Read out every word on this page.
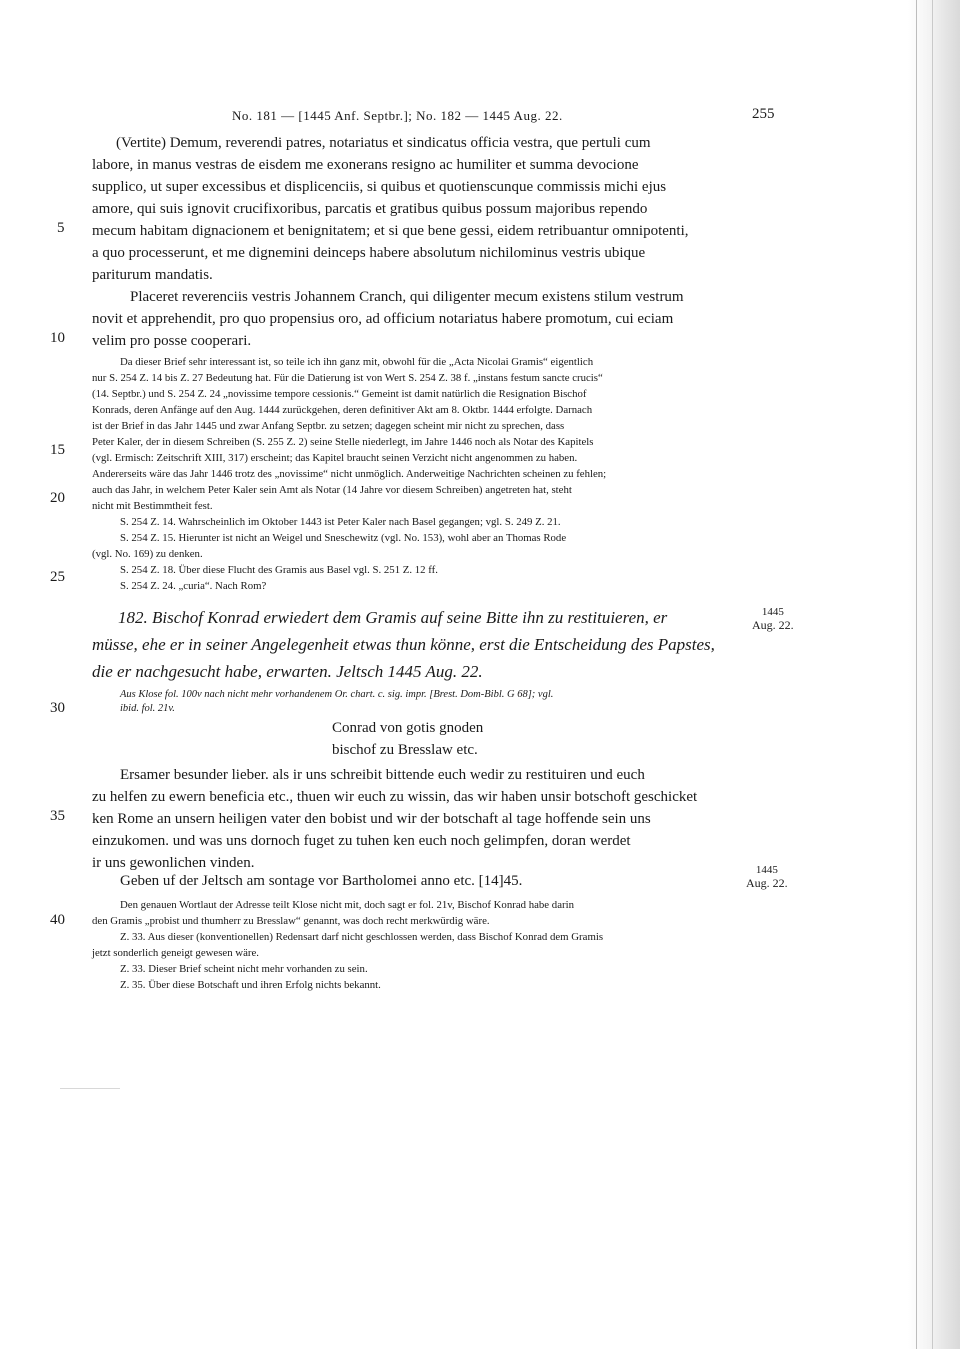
No. 181 — [1445 Anf. Septbr.]; No. 182 — 1445 Aug. 22.	255
(Vertite) Demum, reverendi patres, notariatus et sindicatus officia vestra, que pertuli cum
labore, in manus vestras de eisdem me exonerans resigno ac humiliter et summa devocione
supplico, ut super excessibus et displicenciis, si quibus et quotienscunque commissis michi ejus
amore, qui suis ignovit crucifixoribus, parcatis et gratibus quibus possum majoribus rependo
mecum habitam dignacionem et benignitatem; et si que bene gessi, eidem retribuantur omnipotenti,
a quo processerunt, et me dignemini deinceps habere absolutum nichilominus vestris ubique
pariturum mandatis.
Placeret reverenciis vestris Johannem Cranch, qui diligenter mecum existens stilum vestrum
novit et apprehendit, pro quo propensius oro, ad officium notariatus habere promotum, cui eciam
velim pro posse cooperari.
Da dieser Brief sehr interessant ist, so teile ich ihn ganz mit, obwohl für die „Acta Nicolai Gramis“ eigentlich
nur S. 254 Z. 14 bis Z. 27 Bedeutung hat. Für die Datierung ist von Wert S. 254 Z. 38 f. „instans festum sancte crucis“
(14. Septbr.) und S. 254 Z. 24 „novissime tempore cessionis.“ Gemeint ist damit natürlich die Resignation Bischof
Konrads, deren Anfänge auf den Aug. 1444 zurückgehen, deren definitiver Akt am 8. Oktbr. 1444 erfolgte. Darnach
ist der Brief in das Jahr 1445 und zwar Anfang Septbr. zu setzen; dagegen scheint mir nicht zu sprechen, dass
Peter Kaler, der in diesem Schreiben (S. 255 Z. 2) seine Stelle niederlegt, im Jahre 1446 noch als Notar des Kapitels
(vgl. Ermisch: Zeitschrift XIII, 317) erscheint; das Kapitel braucht seinen Verzicht nicht angenommen zu haben.
Andererseits wäre das Jahr 1446 trotz des „novissime“ nicht unmöglich. Anderweitige Nachrichten scheinen zu fehlen;
auch das Jahr, in welchem Peter Kaler sein Amt als Notar (14 Jahre vor diesem Schreiben) angetreten hat, steht
nicht mit Bestimmtheit fest.
S. 254 Z. 14. Wahrscheinlich im Oktober 1443 ist Peter Kaler nach Basel gegangen; vgl. S. 249 Z. 21.
S. 254 Z. 15. Hierunter ist nicht an Weigel und Sneschewitz (vgl. No. 153), wohl aber an Thomas Rode
(vgl. No. 169) zu denken.
S. 254 Z. 18. Über diese Flucht des Gramis aus Basel vgl. S. 251 Z. 12 ff.
S. 254 Z. 24. „curia“. Nach Rom?
182. Bischof Konrad erwiedert dem Gramis auf seine Bitte ihn zu restituieren, er
müsse, ehe er in seiner Angelegenheit etwas thun könne, erst die Entscheidung des Papstes,
die er nachgesucht habe, erwarten. Jeltsch 1445 Aug. 22.
1445
Aug. 22.
Aus Klose fol. 100v nach nicht mehr vorhandenem Or. chart. c. sig. impr. [Brest. Dom-Bibl. G 68]; vgl.
ibid. fol. 21v.
Conrad von gotis gnoden
bischof zu Bresslaw etc.
Ersamer besunder lieber. als ir uns schreibit bittende euch wedir zu restituiren und euch
zu helfen zu ewern beneficia etc., thuen wir euch zu wissin, das wir haben unsir botschoft geschicket
ken Rome an unsern heiligen vater den bobist und wir der botschaft al tage hoffende sein uns
einzukomen. und was uns dornoch fuget zu tuhen ken euch noch gelimpfen, doran werdet
ir uns gewonlichen vinden.
Geben uf der Jeltsch am sontage vor Bartholomei anno etc. [14]45.
1445
Aug. 22.
Den genauen Wortlaut der Adresse teilt Klose nicht mit, doch sagt er fol. 21v, Bischof Konrad habe darin
den Gramis „probist und thumherr zu Bresslaw“ genannt, was doch recht merkwürdig wäre.
Z. 33. Aus dieser (konventionellen) Redensart darf nicht geschlossen werden, dass Bischof Konrad dem Gramis
jetzt sonderlich geneigt gewesen wäre.
Z. 33. Dieser Brief scheint nicht mehr vorhanden zu sein.
Z. 35. Über diese Botschaft und ihren Erfolg nichts bekannt.
5
10
15
20
25
30
35
40
